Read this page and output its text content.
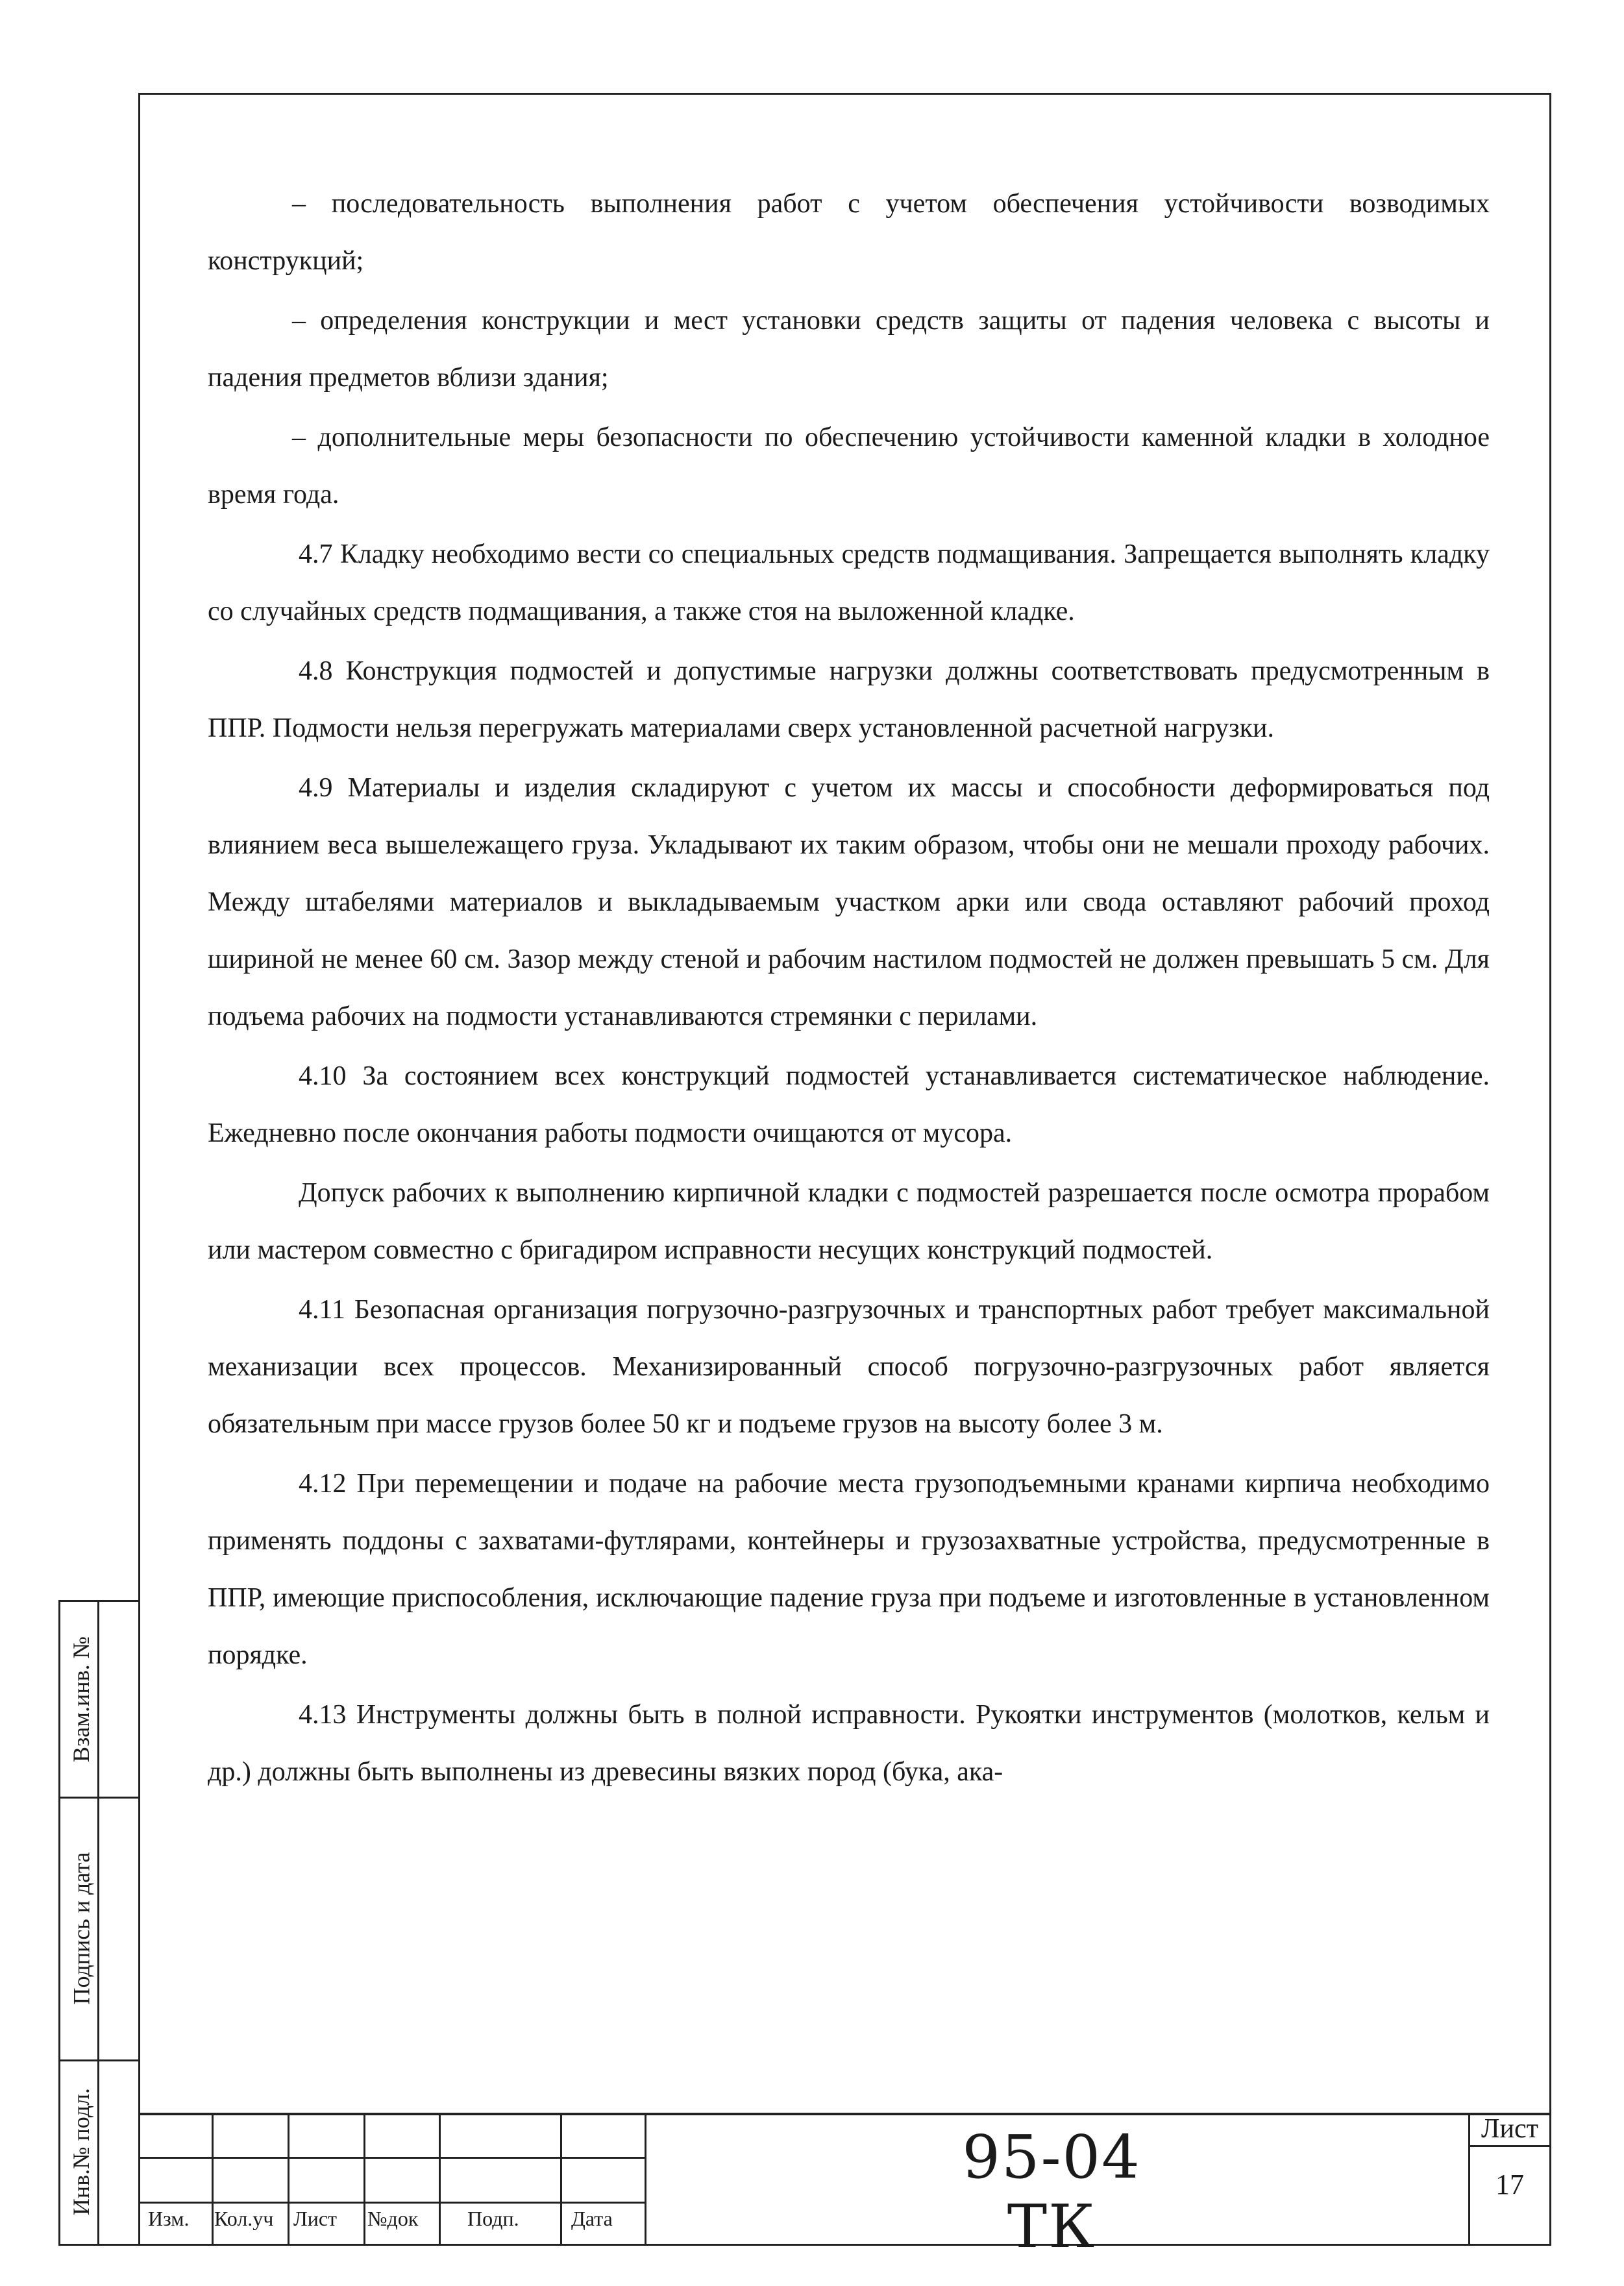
– последовательность выполнения работ с учетом обеспечения устойчивости возводимых конструкций;

– определения конструкции и мест установки средств защиты от падения человека с высоты и падения предметов вблизи здания;

– дополнительные меры безопасности по обеспечению устойчивости каменной кладки в холодное время года.

4.7 Кладку необходимо вести со специальных средств подмащивания. Запрещается выполнять кладку со случайных средств подмащивания, а также стоя на выложенной кладке.

4.8 Конструкция подмостей и допустимые нагрузки должны соответствовать предусмотренным в ППР. Подмости нельзя перегружать материалами сверх установленной расчетной нагрузки.

4.9 Материалы и изделия складируют с учетом их массы и способности деформироваться под влиянием веса вышележащего груза. Укладывают их таким образом, чтобы они не мешали проходу рабочих. Между штабелями материалов и выкладываемым участком арки или свода оставляют рабочий проход шириной не менее 60 см. Зазор между стеной и рабочим настилом подмостей не должен превышать 5 см. Для подъема рабочих на подмости устанавливаются стремянки с перилами.

4.10 За состоянием всех конструкций подмостей устанавливается систематическое наблюдение. Ежедневно после окончания работы подмости очищаются от мусора.

Допуск рабочих к выполнению кирпичной кладки с подмостей разрешается после осмотра прорабом или мастером совместно с бригадиром исправности несущих конструкций подмостей.

4.11 Безопасная организация погрузочно-разгрузочных и транспортных работ требует максимальной механизации всех процессов. Механизированный способ погрузочно-разгрузочных работ является обязательным при массе грузов более 50 кг и подъеме грузов на высоту более 3 м.

4.12 При перемещении и подаче на рабочие места грузоподъемными кранами кирпича необходимо применять поддоны с захватами-футлярами, контейнеры и грузозахватные устройства, предусмотренные в ППР, имеющие приспособления, исключающие падение груза при подъеме и изготовленные в установленном порядке.

4.13 Инструменты должны быть в полной исправности. Рукоятки инструментов (молотков, кельм и др.) должны быть выполнены из древесины вязких пород (бука, ака-

Взам.инв. №
Подпись и дата
Инв.№ подл.
Изм. Кол.уч Лист №док Подп.	Дата
95-04 ТК
Лист
17
